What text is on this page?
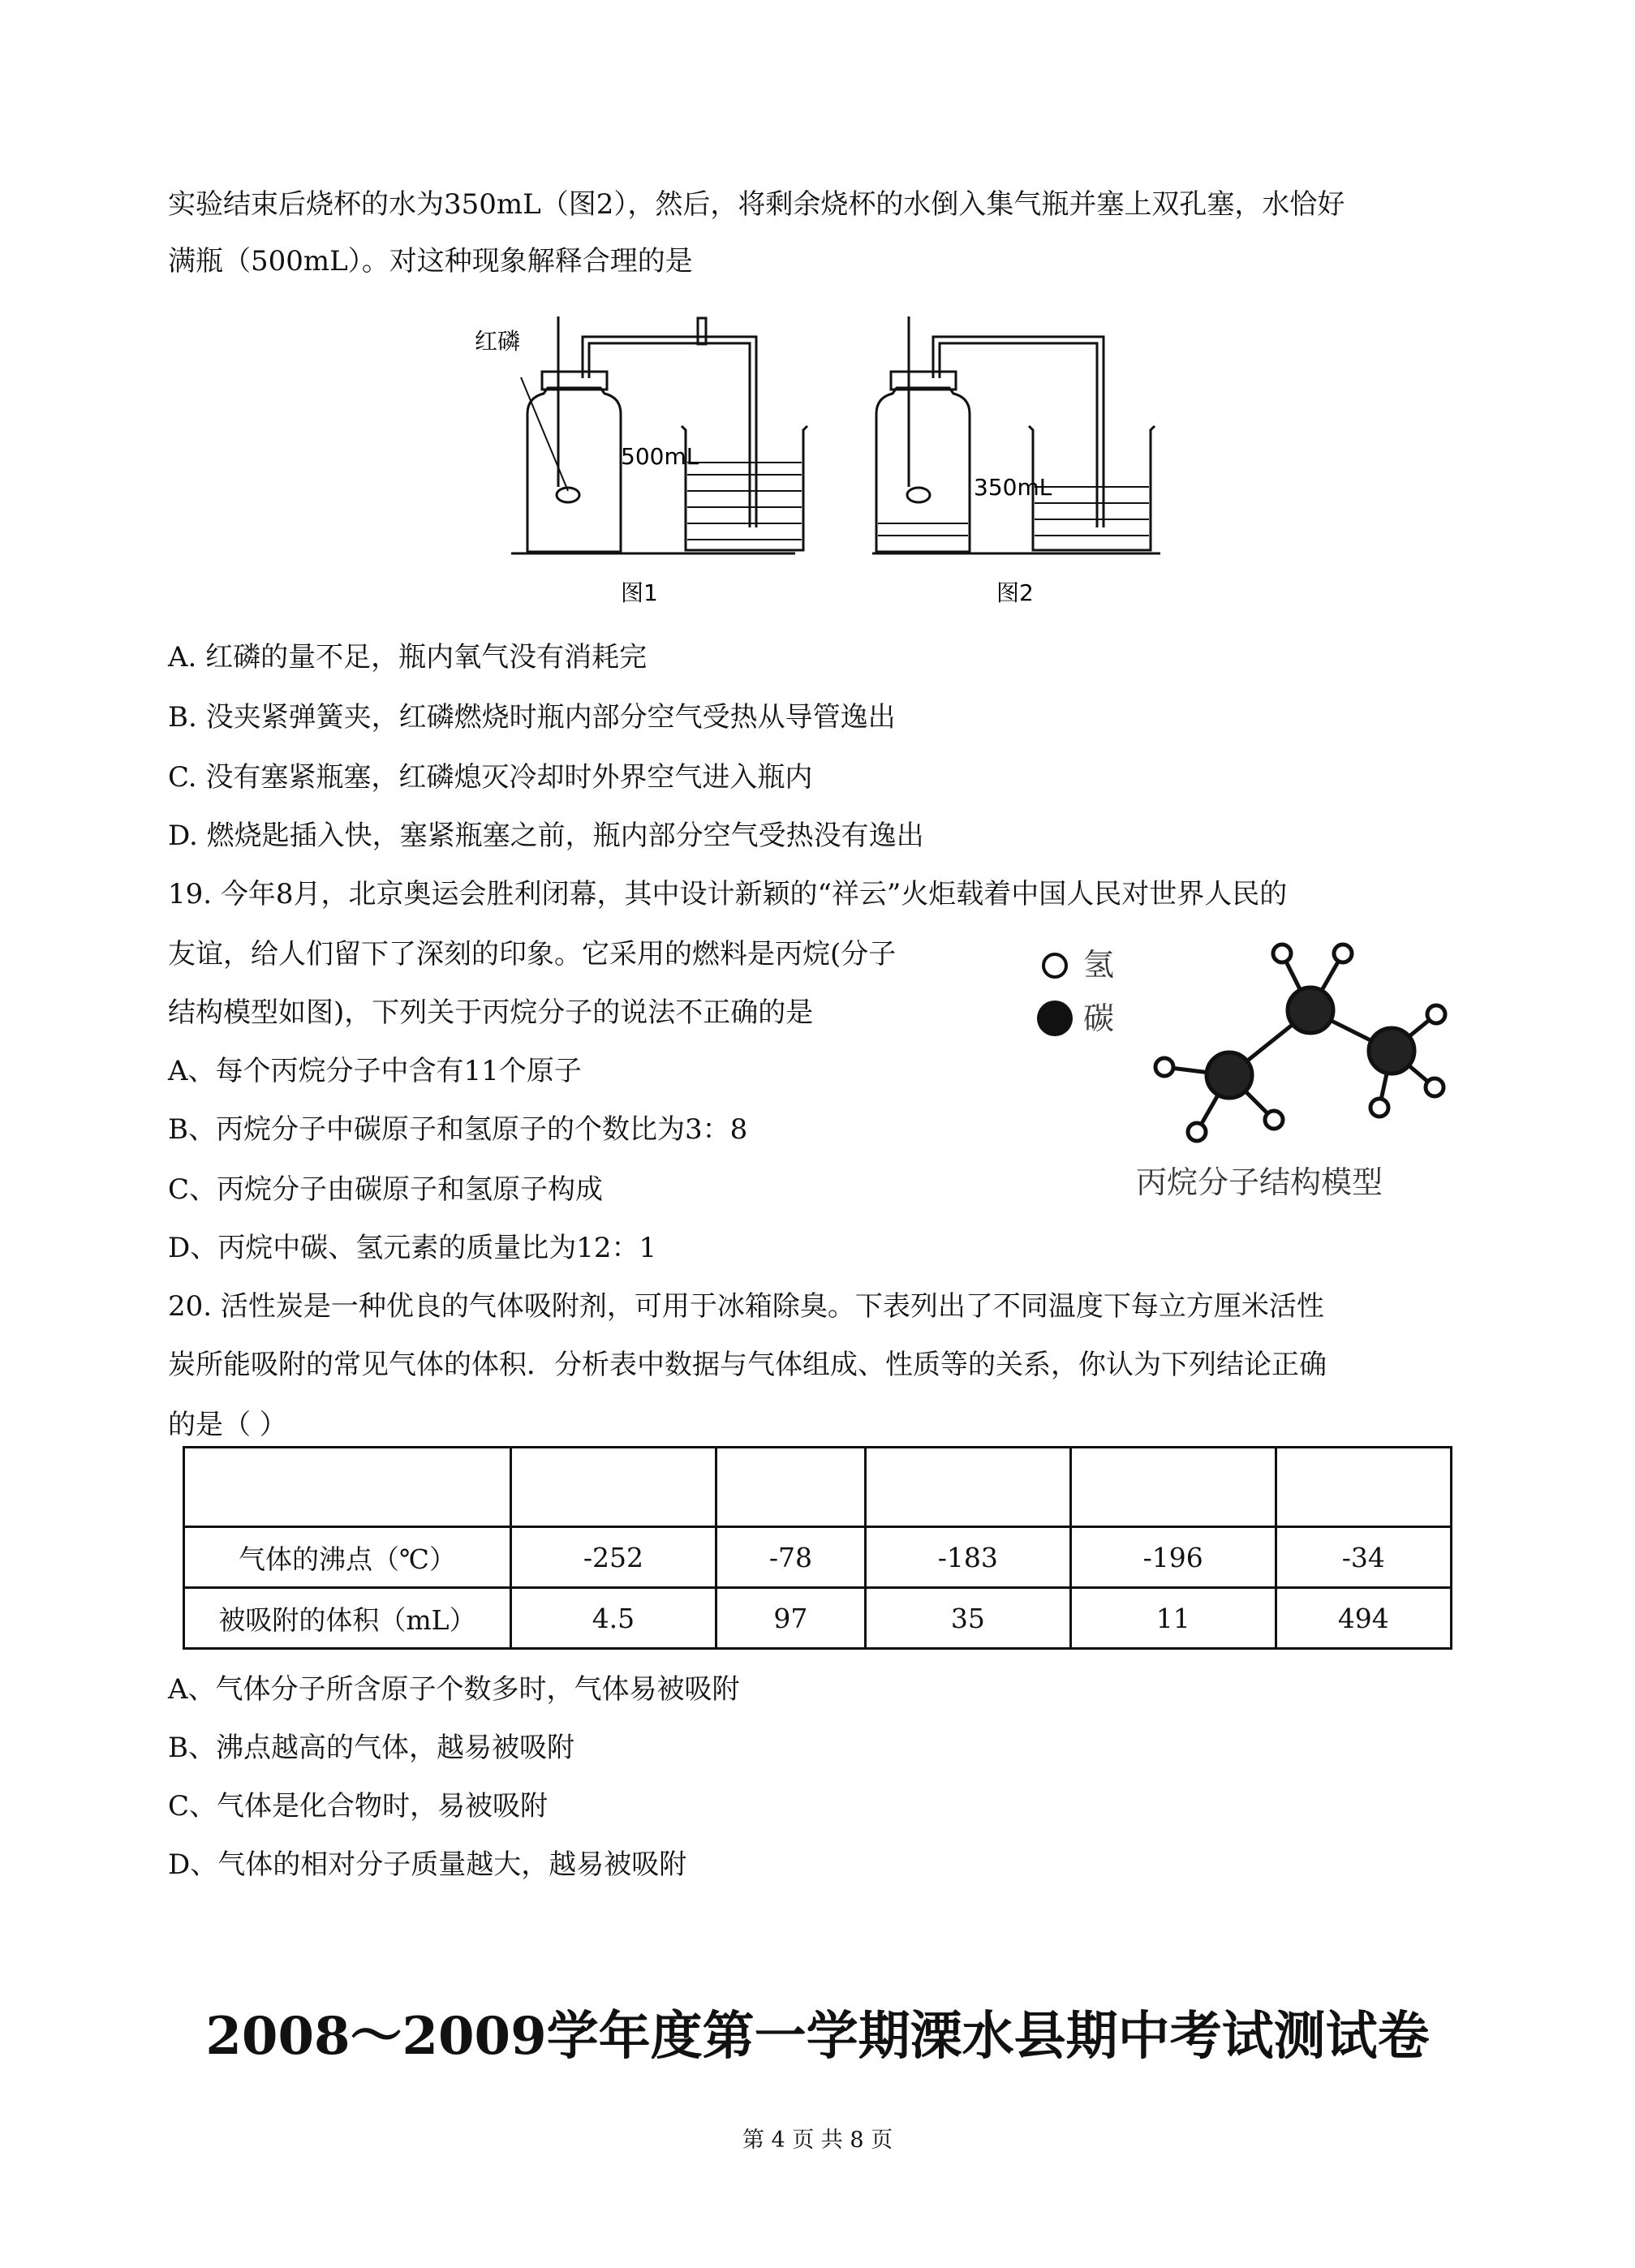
实验结束后烧杯的水为350mL（图2），然后，将剩余烧杯的水倒入集气瓶并塞上双孔塞，水恰好
满瓶（500mL）。对这种现象解释合理的是
红磷
500mL
图1
350mL
图2
A. 红磷的量不足，瓶内氧气没有消耗完
B. 没夹紧弹簧夹，红磷燃烧时瓶内部分空气受热从导管逸出
C. 没有塞紧瓶塞，红磷熄灭冷却时外界空气进入瓶内
D. 燃烧匙插入快，塞紧瓶塞之前，瓶内部分空气受热没有逸出
19. 今年8月，北京奥运会胜利闭幕，其中设计新颖的“祥云”火炬载着中国人民对世界人民的
友谊，给人们留下了深刻的印象。它采用的燃料是丙烷(分子
结构模型如图)，下列关于丙烷分子的说法不正确的是
A、每个丙烷分子中含有11个原子
B、丙烷分子中碳原子和氢原子的个数比为3：8
C、丙烷分子由碳原子和氢原子构成
D、丙烷中碳、氢元素的质量比为12：1
氢
碳
丙烷分子结构模型
20. 活性炭是一种优良的气体吸附剂，可用于冰箱除臭。下表列出了不同温度下每立方厘米活性
炭所能吸附的常见气体的体积．分析表中数据与气体组成、性质等的关系，你认为下列结论正确
的是（ ）

气体的沸点（℃）	-252	-78	-183	-196	-34
被吸附的体积（mL）	4.5	97	35	11	494
A、气体分子所含原子个数多时，气体易被吸附
B、沸点越高的气体，越易被吸附
C、气体是化合物时，易被吸附
D、气体的相对分子质量越大，越易被吸附
2008～2009学年度第一学期溧水县期中考试测试卷
第 4 页 共 8 页
